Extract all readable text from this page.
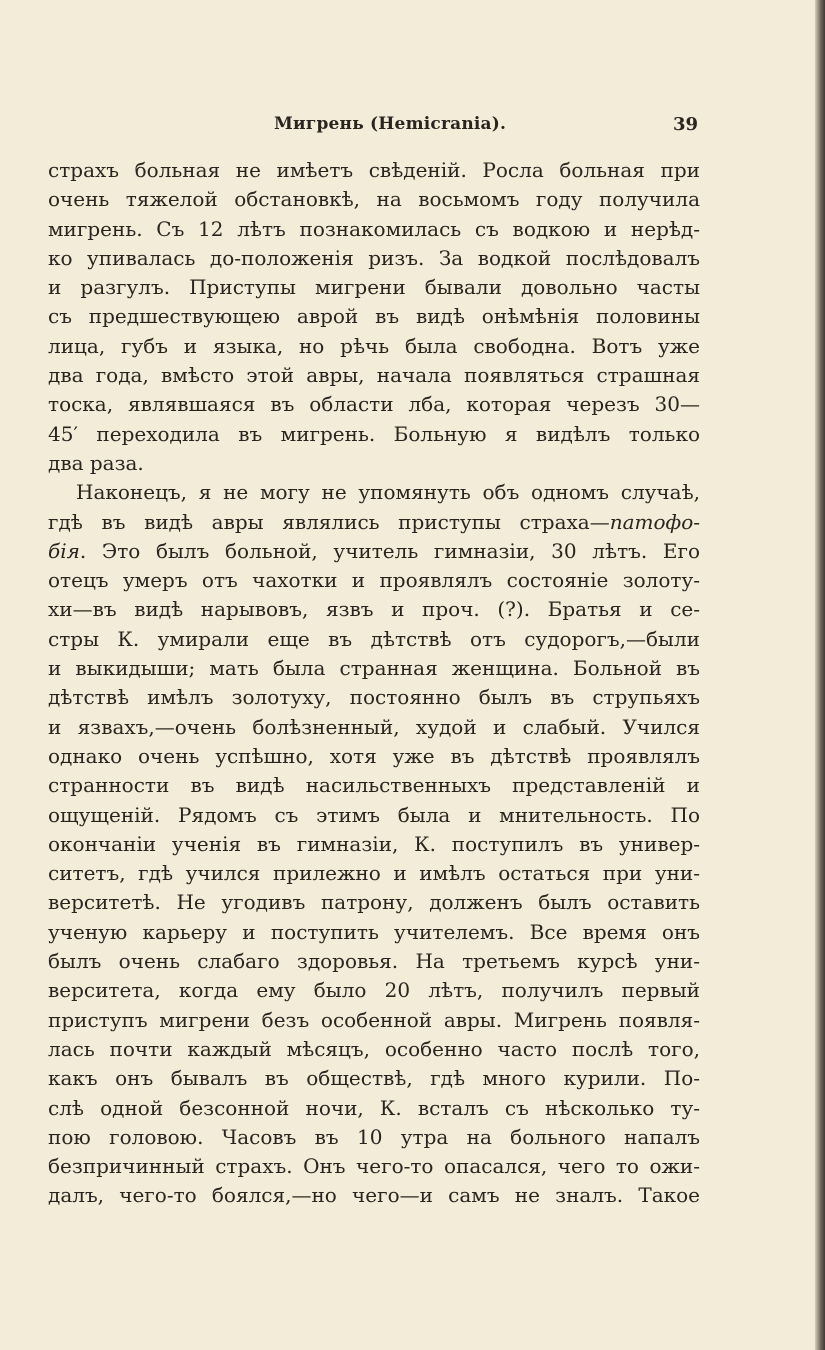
Мигрень (Hemicrania).	39
страхъ больная не имѣетъ свѣденій. Росла больная при
очень тяжелой обстановкѣ, на восьмомъ году получила
мигрень. Съ 12 лѣтъ познакомилась съ водкою и нерѣд-
ко упивалась до-положенія ризъ. За водкой послѣдовалъ
и разгулъ. Приступы мигрени бывали довольно часты
съ предшествующею аврой въ видѣ онѣмѣнія половины
лица, губъ и языка, но рѣчь была свободна. Вотъ уже
два года, вмѣсто этой авры, начала появляться страшная
тоска, являвшаяся въ области лба, которая черезъ 30—
45′ переходила въ мигрень. Больную я видѣлъ только
два раза.
Наконецъ, я не могу не упомянуть объ одномъ случаѣ,
гдѣ въ видѣ авры являлись приступы страха—патофо-
бія. Это былъ больной, учитель гимназіи, 30 лѣтъ. Его
отецъ умеръ отъ чахотки и проявлялъ состояніе золоту-
хи—въ видѣ нарывовъ, язвъ и проч. (?). Братья и се-
стры К. умирали еще въ дѣтствѣ отъ судорогъ,—были
и выкидыши; мать была странная женщина. Больной въ
дѣтствѣ имѣлъ золотуху, постоянно былъ въ струпьяхъ
и язвахъ,—очень болѣзненный, худой и слабый. Учился
однако очень успѣшно, хотя уже въ дѣтствѣ проявлялъ
странности въ видѣ насильственныхъ представленій и
ощущеній. Рядомъ съ этимъ была и мнительность. По
окончаніи ученія въ гимназіи, К. поступилъ въ универ-
ситетъ, гдѣ учился прилежно и имѣлъ остаться при уни-
верситетѣ. Не угодивъ патрону, долженъ былъ оставить
ученую карьеру и поступить учителемъ. Все время онъ
былъ очень слабаго здоровья. На третьемъ курсѣ уни-
верситета, когда ему было 20 лѣтъ, получилъ первый
приступъ мигрени безъ особенной авры. Мигрень появля-
лась почти каждый мѣсяцъ, особенно часто послѣ того,
какъ онъ бывалъ въ обществѣ, гдѣ много курили. По-
слѣ одной безсонной ночи, К. всталъ съ нѣсколько ту-
пою головою. Часовъ въ 10 утра на больного напалъ
безпричинный страхъ. Онъ чего-то опасался, чего то ожи-
далъ, чего-то боялся,—но чего—и самъ не зналъ. Такое
